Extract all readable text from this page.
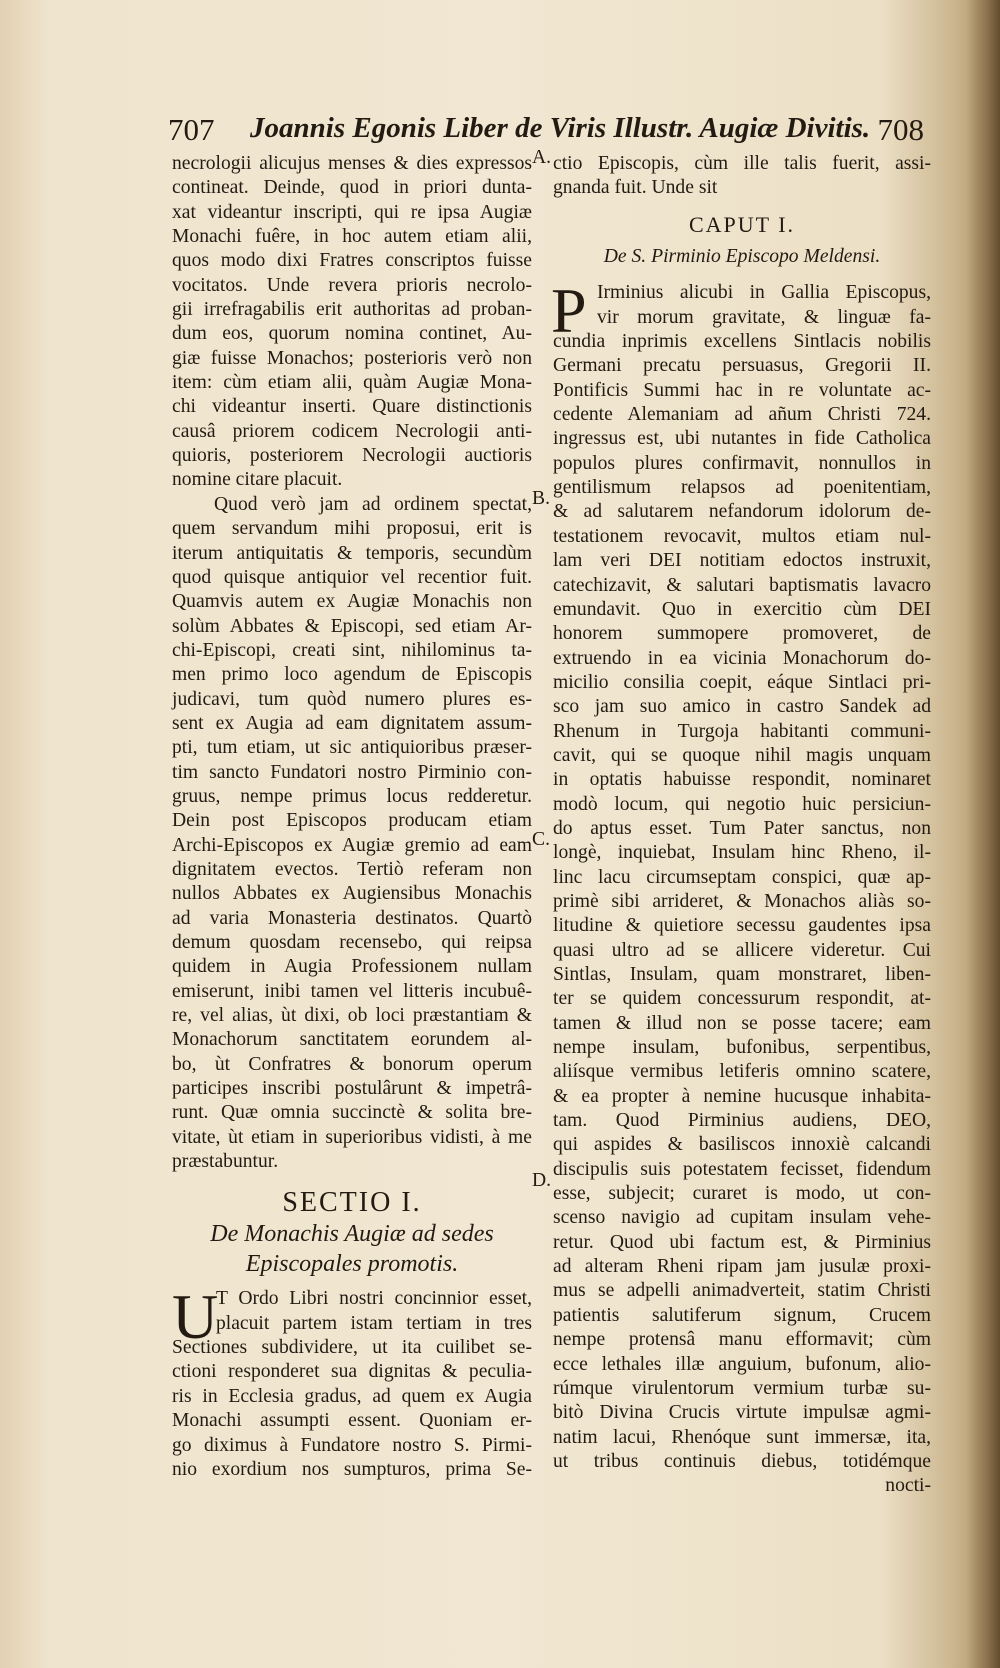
707 Joannis Egonis Liber de Viris Illustr. Augiæ Divitis. 708
necrologii alicujus menses & dies expressos
contineat. Deinde, quod in priori dunta-
xat videantur inscripti, qui re ipsa Augiæ
Monachi fuêre, in hoc autem etiam alii,
quos modo dixi Fratres conscriptos fuisse
vocitatos. Unde revera prioris necrolo-
gii irrefragabilis erit authoritas ad proban-
dum eos, quorum nomina continet, Au-
giæ fuisse Monachos; posterioris verò non
item: cùm etiam alii, quàm Augiæ Mona-
chi videantur inserti. Quare distinctionis
causâ priorem codicem Necrologii anti-
quioris, posteriorem Necrologii auctioris
nomine citare placuit.
Quod verò jam ad ordinem spectat,
quem servandum mihi proposui, erit is
iterum antiquitatis & temporis, secundùm
quod quisque antiquior vel recentior fuit.
Quamvis autem ex Augiæ Monachis non
solùm Abbates & Episcopi, sed etiam Ar-
chi-Episcopi, creati sint, nihilominus ta-
men primo loco agendum de Episcopis
judicavi, tum quòd numero plures es-
sent ex Augia ad eam dignitatem assum-
pti, tum etiam, ut sic antiquioribus præser-
tim sancto Fundatori nostro Pirminio con-
gruus, nempe primus locus redderetur.
Dein post Episcopos producam etiam
Archi-Episcopos ex Augiæ gremio ad eam
dignitatem evectos. Tertiò referam non
nullos Abbates ex Augiensibus Monachis
ad varia Monasteria destinatos. Quartò
demum quosdam recensebo, qui reipsa
quidem in Augia Professionem nullam
emiserunt, inibi tamen vel litteris incubuê-
re, vel alias, ùt dixi, ob loci præstantiam &
Monachorum sanctitatem eorundem al-
bo, ùt Confratres & bonorum operum
participes inscribi postulârunt & impetrâ-
runt. Quæ omnia succinctè & solita bre-
vitate, ùt etiam in superioribus vidisti, à me
præstabuntur.
SECTIO I.
De Monachis Augiæ ad sedes
Episcopales promotis.
U
T Ordo Libri nostri concinnior esset,
placuit partem istam tertiam in tres
Sectiones subdividere, ut ita cuilibet se-
ctioni responderet sua dignitas & peculia-
ris in Ecclesia gradus, ad quem ex Augia
Monachi assumpti essent. Quoniam er-
go diximus à Fundatore nostro S. Pirmi-
nio exordium nos sumpturos, prima Se-
A.
B.
C.
D.
ctio Episcopis, cùm ille talis fuerit, assi-
gnanda fuit. Unde sit
CAPUT I.
De S. Pirminio Episcopo Meldensi.
P Irminius alicubi in Gallia Episcopus,
vir morum gravitate, & linguæ fa-
cundia inprimis excellens Sintlacis nobilis
Germani precatu persuasus, Gregorii II.
Pontificis Summi hac in re voluntate ac-
cedente Alemaniam ad añum Christi 724.
ingressus est, ubi nutantes in fide Catholica
populos plures confirmavit, nonnullos in
gentilismum relapsos ad poenitentiam,
& ad salutarem nefandorum idolorum de-
testationem revocavit, multos etiam nul-
lam veri DEI notitiam edoctos instruxit,
catechizavit, & salutari baptismatis lavacro
emundavit. Quo in exercitio cùm DEI
honorem summopere promoveret, de
extruendo in ea vicinia Monachorum do-
micilio consilia coepit, eáque Sintlaci pri-
sco jam suo amico in castro Sandek ad
Rhenum in Turgoja habitanti communi-
cavit, qui se quoque nihil magis unquam
in optatis habuisse respondit, nominaret
modò locum, qui negotio huic persiciun-
do aptus esset. Tum Pater sanctus, non
longè, inquiebat, Insulam hinc Rheno, il-
linc lacu circumseptam conspici, quæ ap-
primè sibi arrideret, & Monachos aliàs so-
litudine & quietiore secessu gaudentes ipsa
quasi ultro ad se allicere videretur. Cui
Sintlas, Insulam, quam monstraret, liben-
ter se quidem concessurum respondit, at-
tamen & illud non se posse tacere; eam
nempe insulam, bufonibus, serpentibus,
aliísque vermibus letiferis omnino scatere,
& ea propter à nemine hucusque inhabita-
tam. Quod Pirminius audiens, DEO,
qui aspides & basiliscos innoxiè calcandi
discipulis suis potestatem fecisset, fidendum
esse, subjecit; curaret is modo, ut con-
scenso navigio ad cupitam insulam vehe-
retur. Quod ubi factum est, & Pirminius
ad alteram Rheni ripam jam jusulæ proxi-
mus se adpelli animadverteit, statim Christi
patientis salutiferum signum, Crucem
nempe protensâ manu efformavit; cùm
ecce lethales illæ anguium, bufonum, alio-
rúmque virulentorum vermium turbæ su-
bitò Divina Crucis virtute impulsæ agmi-
natim lacui, Rhenóque sunt immersæ, ita,
ut tribus continuis diebus, totidémque
nocti-
